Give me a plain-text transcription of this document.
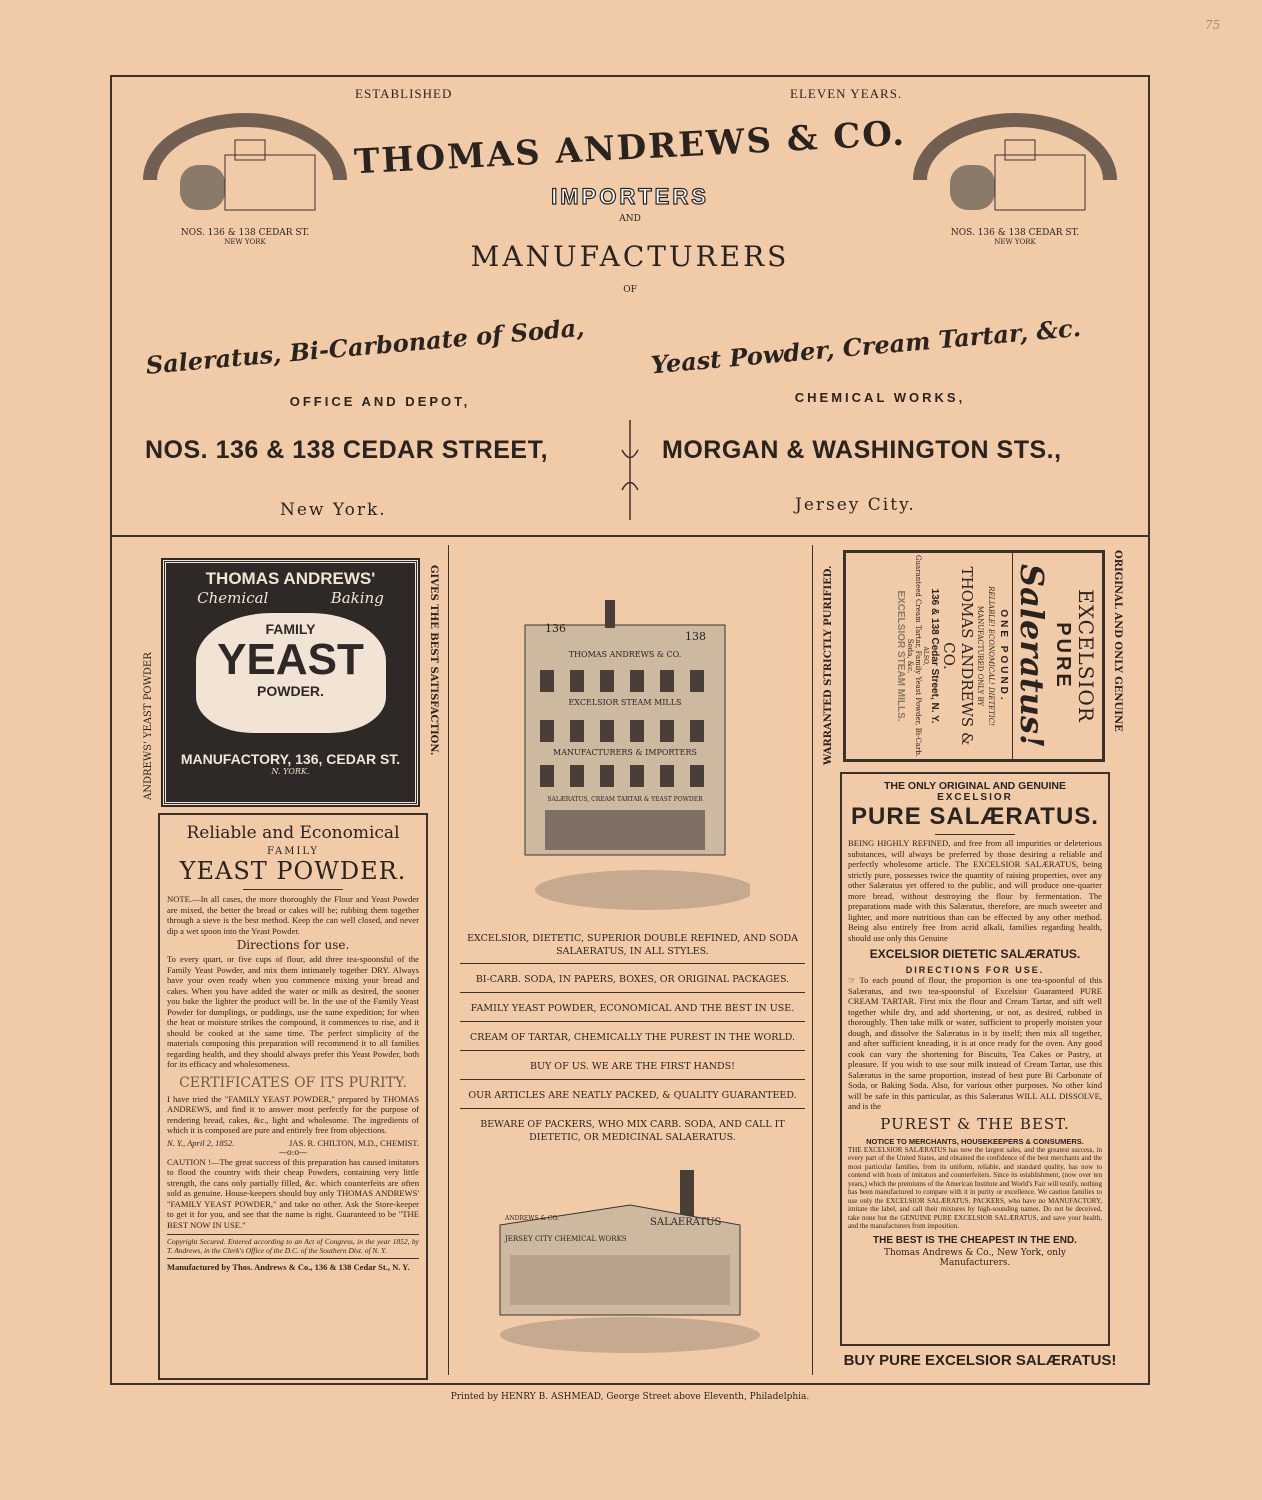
75
NOS. 136 & 138 CEDAR ST.
NEW YORK
NOS. 136 & 138 CEDAR ST.
NEW YORK
ESTABLISHED	ELEVEN YEARS.
THOMAS ANDREWS & CO.
IMPORTERS
AND
MANUFACTURERS
OF
Saleratus, Bi-Carbonate of Soda,	Yeast Powder, Cream Tartar, &c.
OFFICE AND DEPOT,	CHEMICAL WORKS,
NOS. 136 & 138 CEDAR STREET,	MORGAN & WASHINGTON STS.,
New York.	Jersey City.
ANDREWS' YEAST POWDER	GIVES THE BEST SATISFACTION.
THOMAS ANDREWS'
Chemical	Baking
FAMILY
YEAST
POWDER.
MANUFACTORY, 136, CEDAR ST.
N. YORK.
Reliable and Economical
FAMILY
YEAST POWDER.

NOTE.—In all cases, the more thoroughly the Flour and Yeast Powder are mixed, the better the bread or cakes will be; rubbing them together through a sieve is the best method. Keep the can well closed, and never dip a wet spoon into the Yeast Powder.

Directions for use.

To every quart, or five cups of flour, add three tea-spoonsful of the Family Yeast Powder, and mix them intimately together DRY. Always have your oven ready when you commence mixing your bread and cakes. When you have added the water or milk as desired, the sooner you bake the lighter the product will be. In the use of the Family Yeast Powder for dumplings, or puddings, use the same expedition; for when the heat or moisture strikes the compound, it commences to rise, and it should be cooked at the same time. The perfect simplicity of the materials composing this preparation will recommend it to all families regarding health, and they should always prefer this Yeast Powder, both for its efficacy and wholesomeness.

CERTIFICATES OF ITS PURITY.

I have tried the "FAMILY YEAST POWDER," prepared by THOMAS ANDREWS, and find it to answer most perfectly for the purpose of rendering bread, cakes, &c., light and wholesome. The ingredients of which it is composed are pure and entirely free from objections.

N. Y., April 2, 1852.	JAS. R. CHILTON, M.D., CHEMIST.
—o:o—

CAUTION !—The great success of this preparation has caused imitators to flood the country with their cheap Powders, containing very little strength, the cans only partially filled, &c. which counterfeits are often sold as genuine. House-keepers should buy only THOMAS ANDREWS' "FAMILY YEAST POWDER," and take no other. Ask the Store-keeper to get it for you, and see that the name is right. Guaranteed to be "THE BEST NOW IN USE."

Copyright Secured. Entered according to an Act of Congress, in the year 1852, by T. Andrews, in the Clerk's Office of the D.C. of the Southern Dist. of N. Y.

Manufactured by Thos. Andrews & Co., 136 & 138 Cedar St., N. Y.

136
138
THOMAS ANDREWS & CO.
EXCELSIOR STEAM MILLS
MANUFACTURERS & IMPORTERS
SALÆRATUS, CREAM TARTAR & YEAST POWDER

EXCELSIOR, DIETETIC, SUPERIOR DOUBLE REFINED, AND SODA SALAERATUS, IN ALL STYLES.

BI-CARB. SODA, IN PAPERS, BOXES, OR ORIGINAL PACKAGES.

FAMILY YEAST POWDER, ECONOMICAL AND THE BEST IN USE.

CREAM OF TARTAR, CHEMICALLY THE PUREST IN THE WORLD.

BUY OF US. WE ARE THE FIRST HANDS!

OUR ARTICLES ARE NEATLY PACKED, & QUALITY GUARANTEED.

BEWARE OF PACKERS, WHO MIX CARB. SODA, AND CALL IT DIETETIC, OR MEDICINAL SALAERATUS.

ANDREWS & CO.
JERSEY CITY CHEMICAL WORKS
SALAERATUS
WARRANTED STRICTLY PURIFIED.	ORIGINAL AND ONLY GENUINE
EXCELSIOR
PURE
Saleratus!
ONE POUND.
RELIABLE! ECONOMICAL! DIETETIC!
MANUFACTURED ONLY BY
THOMAS ANDREWS & CO.
136 & 138 Cedar Street, N. Y.
ALSO,
Guaranteed Cream Tartar, Family Yeast Powder, Bi-Carb. Soda, &c.
EXCELSIOR STEAM MILLS.
THE ONLY ORIGINAL AND GENUINE
EXCELSIOR
PURE SALÆRATUS.

BEING HIGHLY REFINED, and free from all impurities or deleterious substances, will always be preferred by those desiring a reliable and perfectly wholesome article. The EXCELSIOR SALÆRATUS, being strictly pure, possesses twice the quantity of raising properties, over any other Salæratus yet offered to the public, and will produce one-quarter more bread, without destroying the flour by fermentation. The preparations made with this Salæratus, therefore, are much sweeter and lighter, and more nutritious than can be effected by any other method. Being also entirely free from acrid alkali, families regarding health, should use only this Genuine

EXCELSIOR DIETETIC SALÆRATUS.
DIRECTIONS FOR USE.

☞ To each pound of flour, the proportion is one tea-spoonful of this Salæratus, and two tea-spoonsful of Excelsior Guaranteed PURE CREAM TARTAR. First mix the flour and Cream Tartar, and sift well together while dry, and add shortening, or not, as desired, rubbed in thoroughly. Then take milk or water, sufficient to properly moisten your dough, and dissolve the Salæratus in it by itself; then mix all together, and after sufficient kneading, it is at once ready for the oven. Any good cook can vary the shortening for Biscuits, Tea Cakes or Pastry, at pleasure. If you wish to use sour milk instead of Cream Tartar, use this Salæratus in the same proportion, instead of best pure Bi Carbonate of Soda, or Baking Soda. Also, for various other purposes. No other kind will be safe in this particular, as this Salæratus WILL ALL DISSOLVE, and is the

PUREST & THE BEST.
NOTICE TO MERCHANTS, HOUSEKEEPERS & CONSUMERS.

THE EXCELSIOR SALÆRATUS has now the largest sales, and the greatest success, in every part of the United States, and obtained the confidence of the best merchants and the most particular families, from its uniform, reliable, and standard quality, has now to contend with hosts of imitators and counterfeiters. Since its establishment, (now over ten years,) which the premiums of the American Institute and World's Fair will testify, nothing has been manufactured to compare with it in purity or excellence. We caution families to use only the EXCELSIOR SALÆRATUS. PACKERS, who have no MANUFACTORY, imitate the label, and call their mixtures by high-sounding names. Do not be deceived, take none but the GENUINE PURE EXCELSIOR SALÆRATUS, and save your health, and the manufacturers from imposition.

THE BEST IS THE CHEAPEST IN THE END.
Thomas Andrews & Co., New York, only Manufacturers.
BUY PURE EXCELSIOR SALÆRATUS!
Printed by HENRY B. ASHMEAD, George Street above Eleventh, Philadelphia.
